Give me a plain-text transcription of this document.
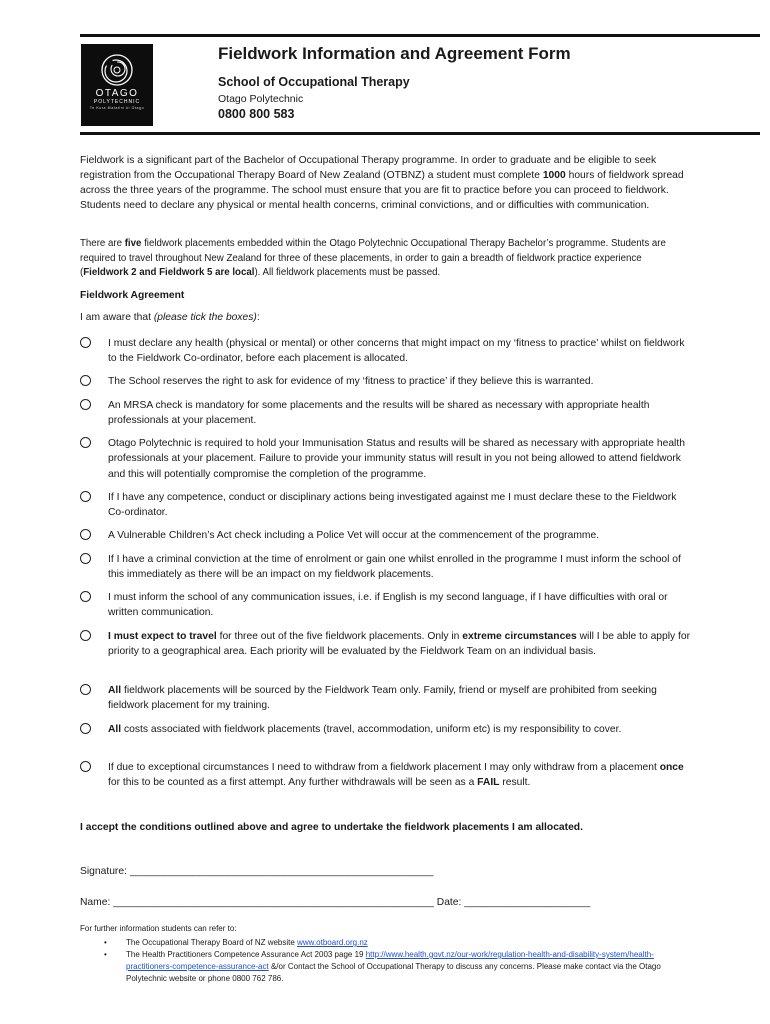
OTAGO
POLYTECHNIC
Te Kura Matatini ki Otago
Fieldwork Information and Agreement Form
School of Occupational Therapy
Otago Polytechnic
0800 800 583
Fieldwork is a significant part of the Bachelor of Occupational Therapy programme. In order to graduate and be eligible to seek registration from the Occupational Therapy Board of New Zealand (OTBNZ) a student must complete 1000 hours of fieldwork spread across the three years of the programme. The school must ensure that you are fit to practice before you can proceed to fieldwork. Students need to declare any physical or mental health concerns, criminal convictions, and or difficulties with communication.
There are five fieldwork placements embedded within the Otago Polytechnic Occupational Therapy Bachelor’s programme. Students are required to travel throughout New Zealand for three of these placements, in order to gain a breadth of fieldwork practice experience (Fieldwork 2 and Fieldwork 5 are local). All fieldwork placements must be passed.
Fieldwork Agreement
I am aware that (please tick the boxes):
I must declare any health (physical or mental) or other concerns that might impact on my ‘fitness to practice’ whilst on fieldwork to the Fieldwork Co-ordinator, before each placement is allocated.
The School reserves the right to ask for evidence of my ‘fitness to practice’ if they believe this is warranted.
An MRSA check is mandatory for some placements and the results will be shared as necessary with appropriate health professionals at your placement.
Otago Polytechnic is required to hold your Immunisation Status and results will be shared as necessary with appropriate health professionals at your placement. Failure to provide your immunity status will result in you not being allowed to attend fieldwork and this will potentially compromise the completion of the programme.
If I have any competence, conduct or disciplinary actions being investigated against me I must declare these to the Fieldwork Co-ordinator.
A Vulnerable Children’s Act check including a Police Vet will occur at the commencement of the programme.
If I have a criminal conviction at the time of enrolment or gain one whilst enrolled in the programme I must inform the school of this immediately as there will be an impact on my fieldwork placements.
I must inform the school of any communication issues, i.e. if English is my second language, if I have difficulties with oral or written communication.
I must expect to travel for three out of the five fieldwork placements. Only in extreme circumstances will I be able to apply for priority to a geographical area. Each priority will be evaluated by the Fieldwork Team on an individual basis.
All fieldwork placements will be sourced by the Fieldwork Team only. Family, friend or myself are prohibited from seeking fieldwork placement for my training.
All costs associated with fieldwork placements (travel, accommodation, uniform etc) is my responsibility to cover.
If due to exceptional circumstances I need to withdraw from a fieldwork placement I may only withdraw from a placement once for this to be counted as a first attempt. Any further withdrawals will be seen as a FAIL result.
I accept the conditions outlined above and agree to undertake the fieldwork placements I am allocated.
Signature: _____________________________________________________
Name: ________________________________________________________ Date: ______________________
For further information students can refer to:
• The Occupational Therapy Board of NZ website www.otboard.org.nz
• The Health Practitioners Competence Assurance Act 2003 page 19 http://www.health.govt.nz/our-work/regulation-health-and-disability-system/health-practitioners-competence-assurance-act &/or Contact the School of Occupational Therapy to discuss any concerns. Please make contact via the Otago Polytechnic website or phone 0800 762 786.
